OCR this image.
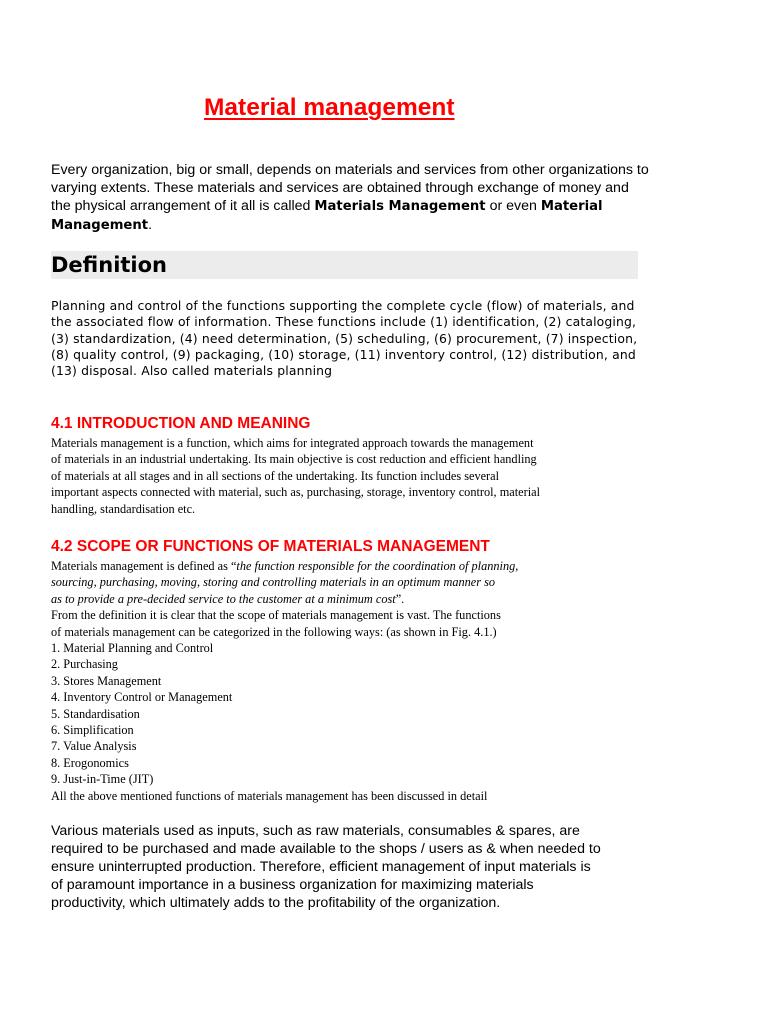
Material management

Every organization, big or small, depends on materials and services from other organizations to varying extents. These materials and services are obtained through exchange of money and the physical arrangement of it all is called Materials Management or even Material Management.

Definition

Planning and control of the functions supporting the complete cycle (flow) of materials, and the associated flow of information. These functions include (1) identification, (2) cataloging, (3) standardization, (4) need determination, (5) scheduling, (6) procurement, (7) inspection, (8) quality control, (9) packaging, (10) storage, (11) inventory control, (12) distribution, and (13) disposal. Also called materials planning

4.1 INTRODUCTION AND MEANING
Materials management is a function, which aims for integrated approach towards the management
of materials in an industrial undertaking. Its main objective is cost reduction and efficient handling
of materials at all stages and in all sections of the undertaking. Its function includes several
important aspects connected with material, such as, purchasing, storage, inventory control, material
handling, standardisation etc.
4.2 SCOPE OR FUNCTIONS OF MATERIALS MANAGEMENT
Materials management is defined as “the function responsible for the coordination of planning,
sourcing, purchasing, moving, storing and controlling materials in an optimum manner so
as to provide a pre-decided service to the customer at a minimum cost”.
From the definition it is clear that the scope of materials management is vast. The functions
of materials management can be categorized in the following ways: (as shown in Fig. 4.1.)
1. Material Planning and Control
2. Purchasing
3. Stores Management
4. Inventory Control or Management
5. Standardisation
6. Simplification
7. Value Analysis
8. Erogonomics
9. Just-in-Time (JIT)
All the above mentioned functions of materials management has been discussed in detail
Various materials used as inputs, such as raw materials, consumables & spares, are
required to be purchased and made available to the shops / users as & when needed to
ensure uninterrupted production. Therefore, efficient management of input materials is
of paramount importance in a business organization for maximizing materials
productivity, which ultimately adds to the profitability of the organization.
